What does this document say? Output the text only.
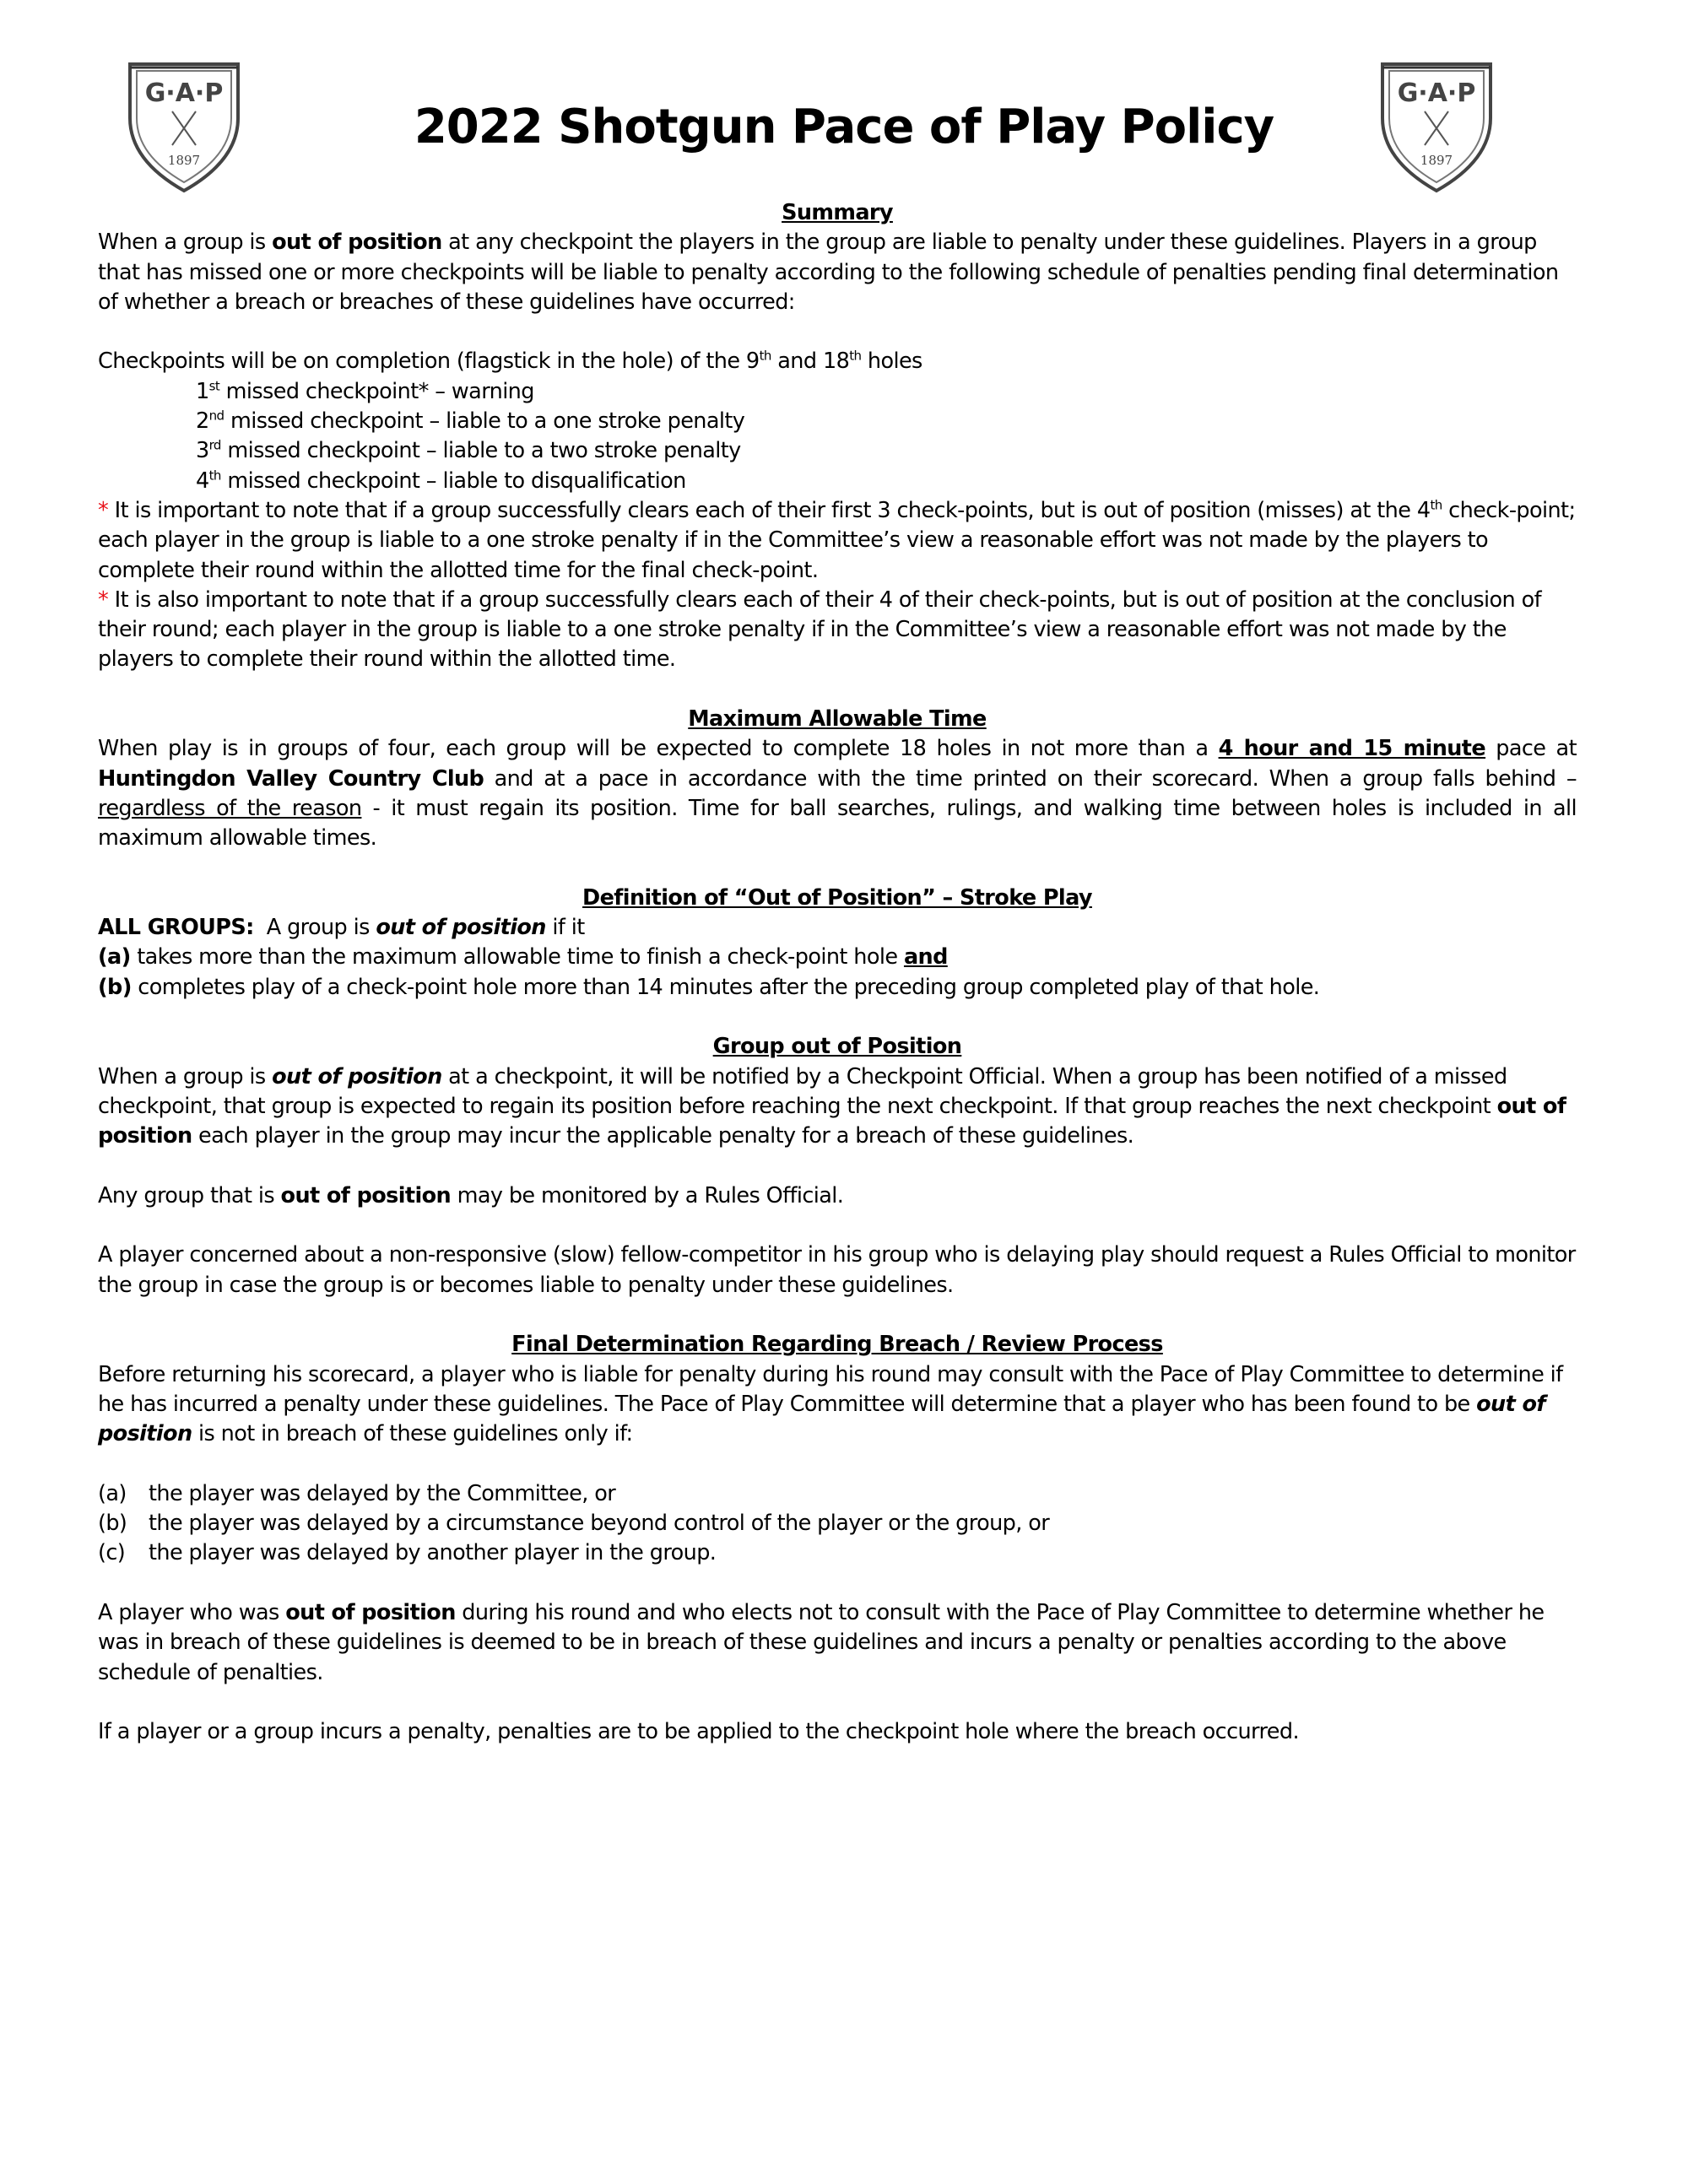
G·A·P
1897
G·A·P
1897
2022 Shotgun Pace of Play Policy

Summary

When a group is out of position at any checkpoint the players in the group are liable to penalty under these guidelines. Players in a group that has missed one or more checkpoints will be liable to penalty according to the following schedule of penalties pending final determination of whether a breach or breaches of these guidelines have occurred:

Checkpoints will be on completion (flagstick in the hole) of the 9th and 18th holes

1st missed checkpoint* – warning

2nd missed checkpoint – liable to a one stroke penalty

3rd missed checkpoint – liable to a two stroke penalty

4th missed checkpoint – liable to disqualification

* It is important to note that if a group successfully clears each of their first 3 check-points, but is out of position (misses) at the 4th check-point; each player in the group is liable to a one stroke penalty if in the Committee’s view a reasonable effort was not made by the players to complete their round within the allotted time for the final check-point.

* It is also important to note that if a group successfully clears each of their 4 of their check-points, but is out of position at the conclusion of their round; each player in the group is liable to a one stroke penalty if in the Committee’s view a reasonable effort was not made by the players to complete their round within the allotted time.

Maximum Allowable Time

When play is in groups of four, each group will be expected to complete 18 holes in not more than a 4 hour and 15 minute pace at Huntingdon Valley Country Club and at a pace in accordance with the time printed on their scorecard. When a group falls behind – regardless of the reason - it must regain its position. Time for ball searches, rulings, and walking time between holes is included in all maximum allowable times.

Definition of “Out of Position” – Stroke Play

ALL GROUPS:  A group is out of position if it

(a) takes more than the maximum allowable time to finish a check-point hole and

(b) completes play of a check-point hole more than 14 minutes after the preceding group completed play of that hole.

Group out of Position

When a group is out of position at a checkpoint, it will be notified by a Checkpoint Official. When a group has been notified of a missed checkpoint, that group is expected to regain its position before reaching the next checkpoint. If that group reaches the next checkpoint out of position each player in the group may incur the applicable penalty for a breach of these guidelines.

Any group that is out of position may be monitored by a Rules Official.

A player concerned about a non-responsive (slow) fellow-competitor in his group who is delaying play should request a Rules Official to monitor the group in case the group is or becomes liable to penalty under these guidelines.

Final Determination Regarding Breach / Review Process

Before returning his scorecard, a player who is liable for penalty during his round may consult with the Pace of Play Committee to determine if he has incurred a penalty under these guidelines. The Pace of Play Committee will determine that a player who has been found to be out of position is not in breach of these guidelines only if:

(a)	the player was delayed by the Committee, or
(b)	the player was delayed by a circumstance beyond control of the player or the group, or
(c)	the player was delayed by another player in the group.

A player who was out of position during his round and who elects not to consult with the Pace of Play Committee to determine whether he was in breach of these guidelines is deemed to be in breach of these guidelines and incurs a penalty or penalties according to the above schedule of penalties.

If a player or a group incurs a penalty, penalties are to be applied to the checkpoint hole where the breach occurred.
